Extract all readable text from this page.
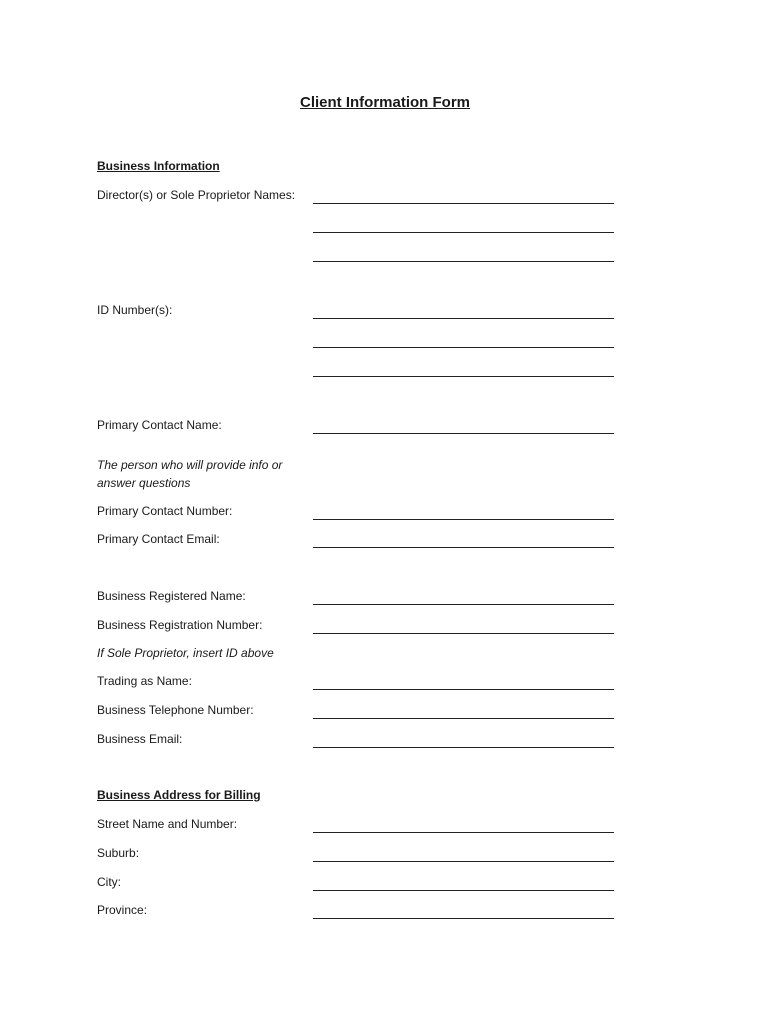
Client Information Form
Business Information
Director(s) or Sole Proprietor Names:
ID Number(s):
Primary Contact Name:
The person who will provide info or answer questions
Primary Contact Number:
Primary Contact Email:
Business Registered Name:
Business Registration Number:
If Sole Proprietor, insert ID above
Trading as Name:
Business Telephone Number:
Business Email:
Business Address for Billing
Street Name and Number:
Suburb:
City:
Province:
